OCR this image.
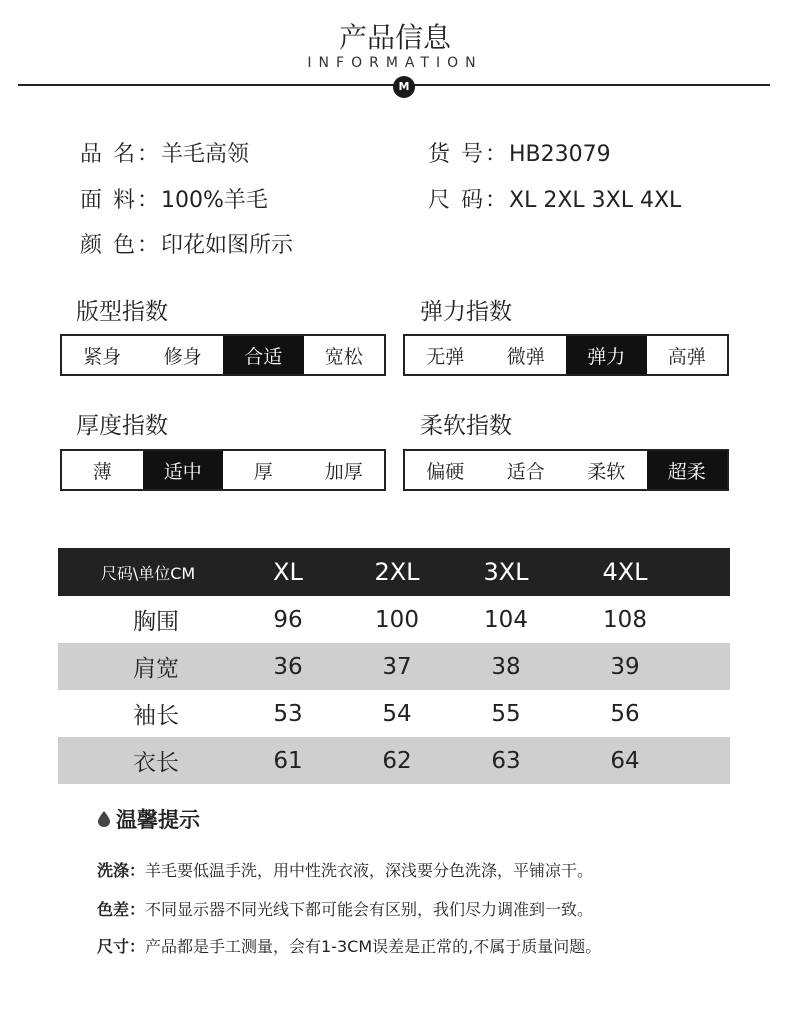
产品信息
INFORMATION
M
品 名：羊毛高领	货 号：HB23079
面 料：100%羊毛	尺 码：XL 2XL 3XL 4XL
颜 色：印花如图所示
版型指数
紧身	修身	合适	宽松
弹力指数
无弹	微弹	弹力	高弹
厚度指数
薄	适中	厚	加厚
柔软指数
偏硬	适合	柔软	超柔
尺码\单位CM	XL	2XL	3XL	4XL
胸围	96	100	104	108
肩宽	36	37	38	39
袖长	53	54	55	56
衣长	61	62	63	64
温馨提示
洗涤：羊毛要低温手洗，用中性洗衣液，深浅要分色洗涤，平铺凉干。
色差：不同显示器不同光线下都可能会有区别，我们尽力调准到一致。
尺寸：产品都是手工测量，会有1-3CM误差是正常的,不属于质量问题。
